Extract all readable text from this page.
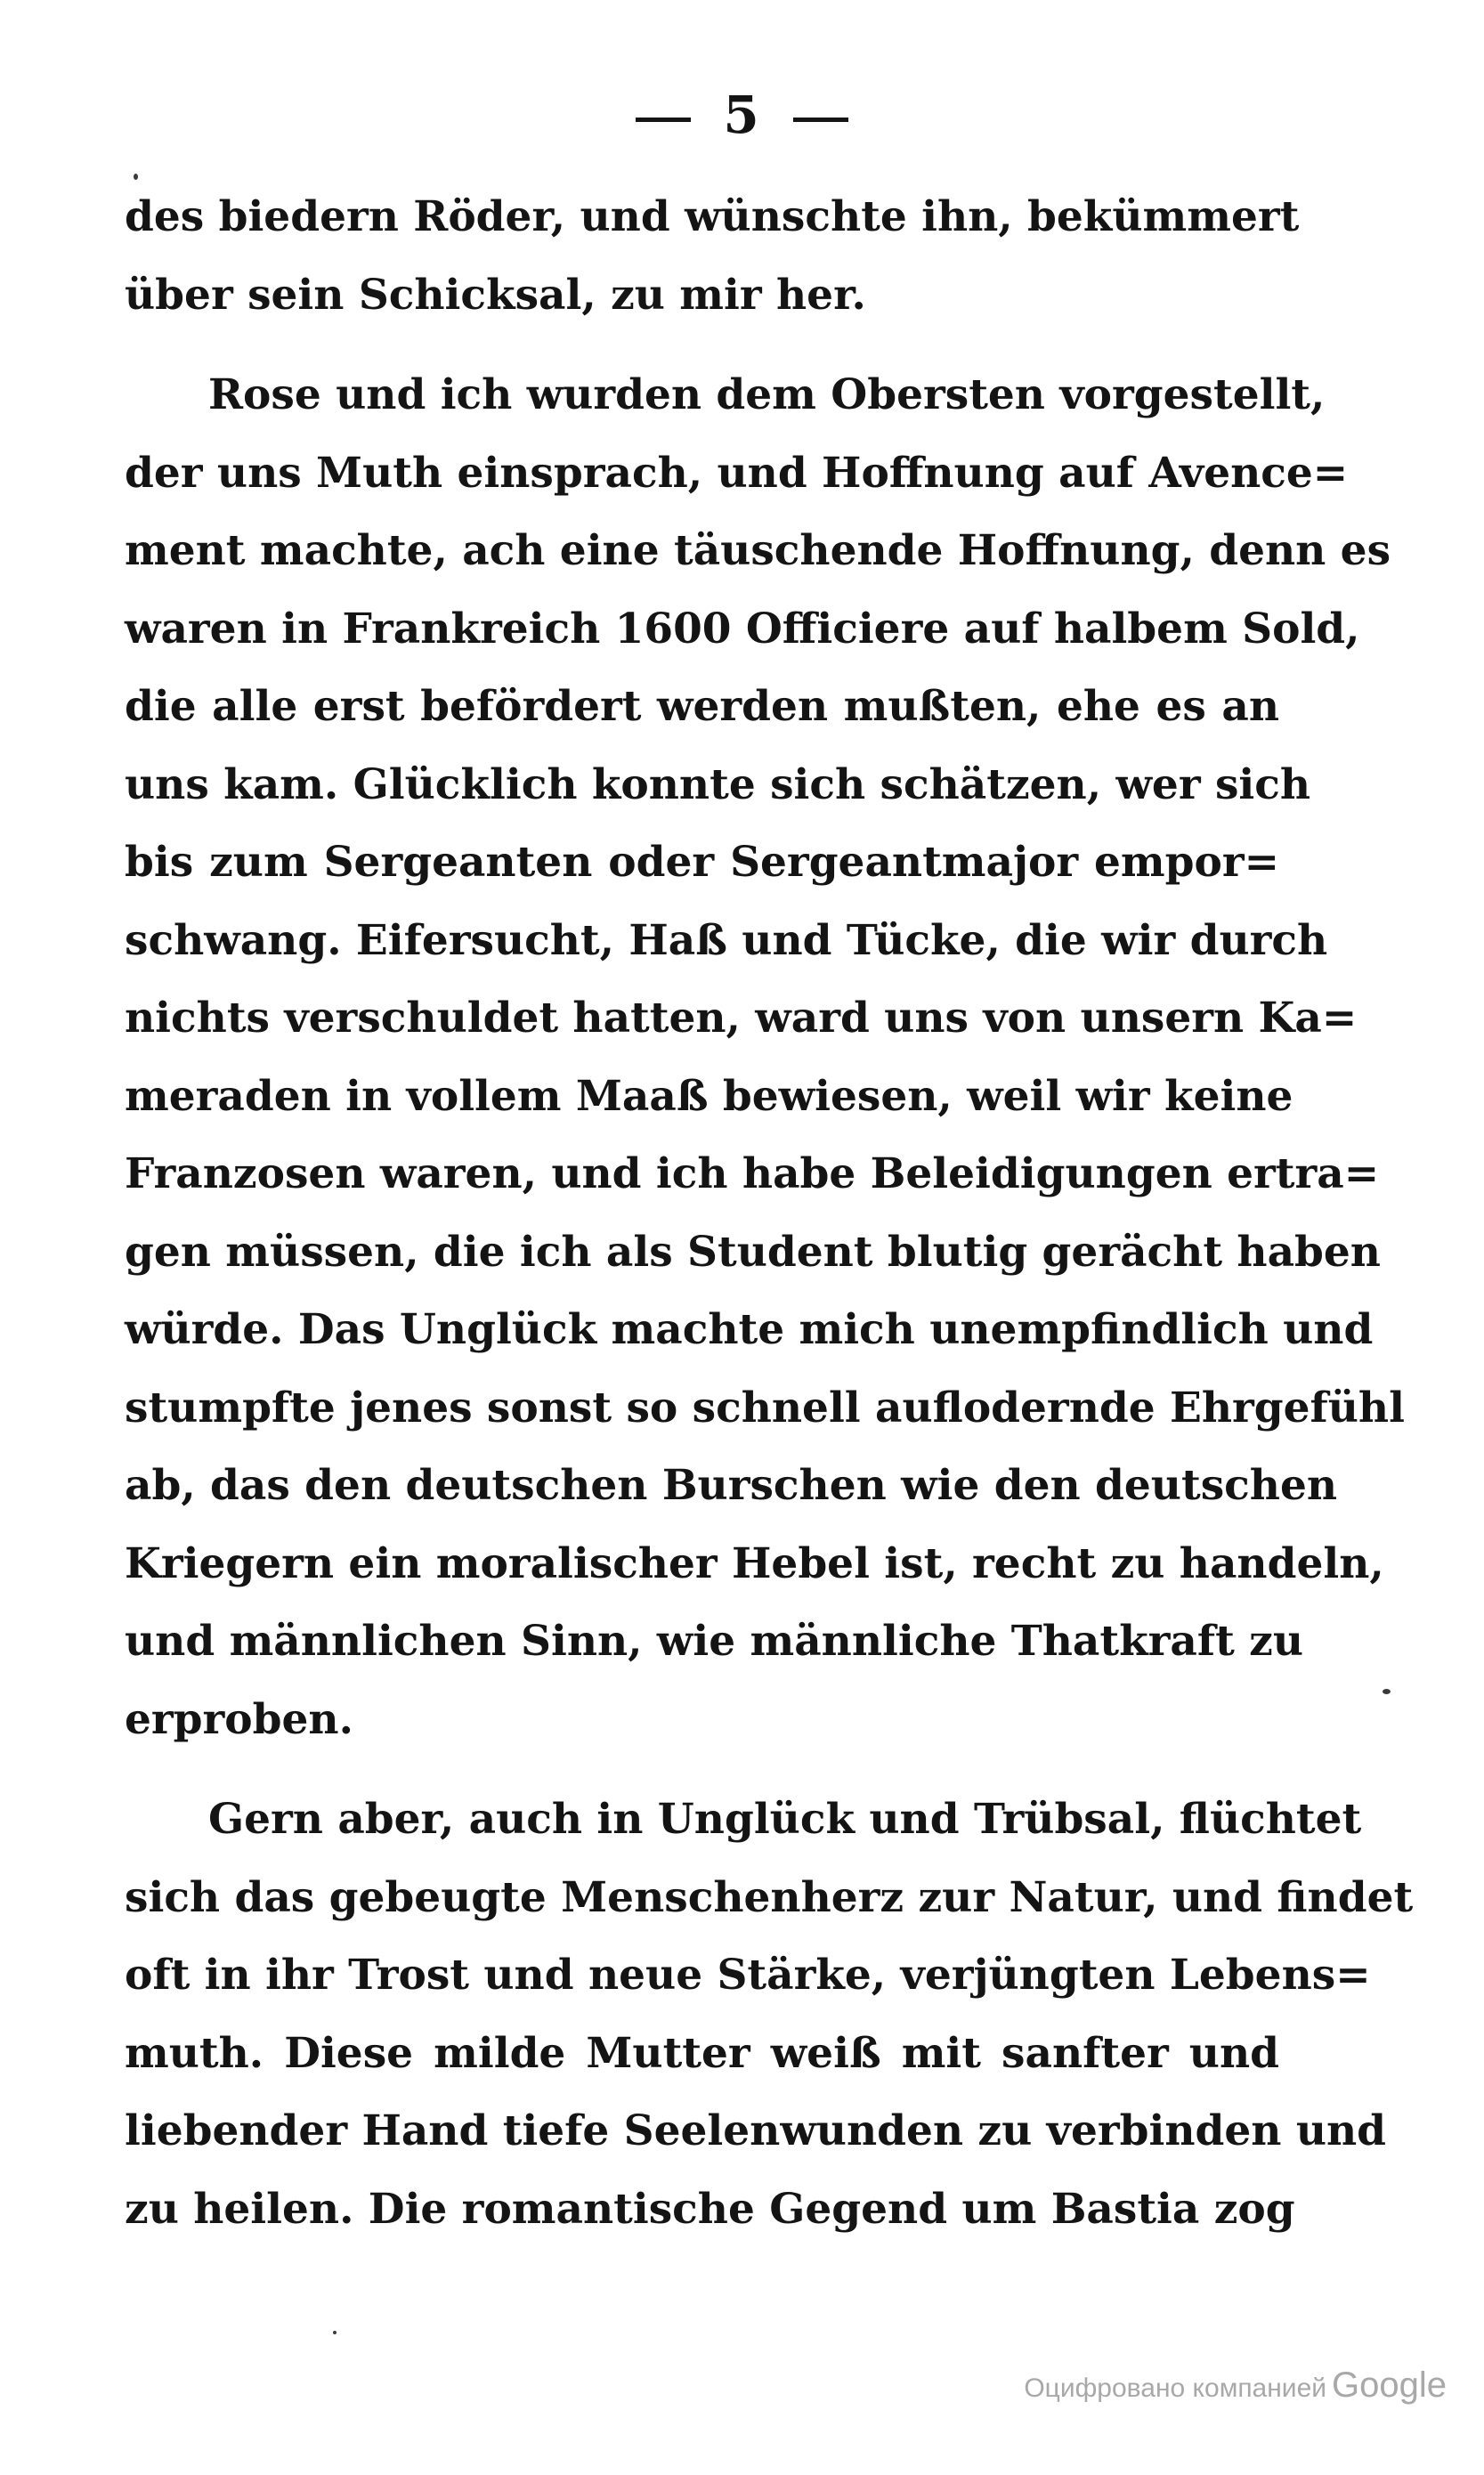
5
des biedern Röder, und wünschte ihn, bekümmert
über sein Schicksal, zu mir her.
Rose und ich wurden dem Obersten vorgestellt,
der uns Muth einsprach, und Hoffnung auf Avence=
ment machte, ach eine täuschende Hoffnung, denn es
waren in Frankreich 1600 Officiere auf halbem Sold,
die alle erst befördert werden mußten, ehe es an
uns kam. Glücklich konnte sich schätzen, wer sich
bis zum Sergeanten oder Sergeantmajor empor=
schwang. Eifersucht, Haß und Tücke, die wir durch
nichts verschuldet hatten, ward uns von unsern Ka=
meraden in vollem Maaß bewiesen, weil wir keine
Franzosen waren, und ich habe Beleidigungen ertra=
gen müssen, die ich als Student blutig gerächt haben
würde. Das Unglück machte mich unempfindlich und
stumpfte jenes sonst so schnell auflodernde Ehrgefühl
ab, das den deutschen Burschen wie den deutschen
Kriegern ein moralischer Hebel ist, recht zu handeln,
und männlichen Sinn, wie männliche Thatkraft zu
erproben.
Gern aber, auch in Unglück und Trübsal, flüchtet
sich das gebeugte Menschenherz zur Natur, und findet
oft in ihr Trost und neue Stärke, verjüngten Lebens=
muth. Diese milde Mutter weiß mit sanfter und
liebender Hand tiefe Seelenwunden zu verbinden und
zu heilen. Die romantische Gegend um Bastia zog
Оцифровано компанией Google
